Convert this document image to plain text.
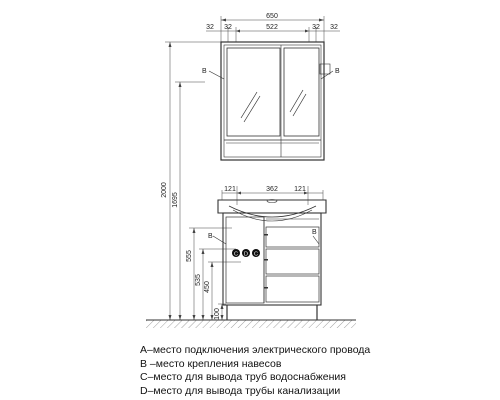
650
32 32	522	32 32
B	B
2000
1695
555
535
450
100
121	362 121
B
B
C D C
A–место подключения электрического провода
B –место крепления навесов
C–место для вывода труб водоснабжения
D–место для вывода трубы канализации
